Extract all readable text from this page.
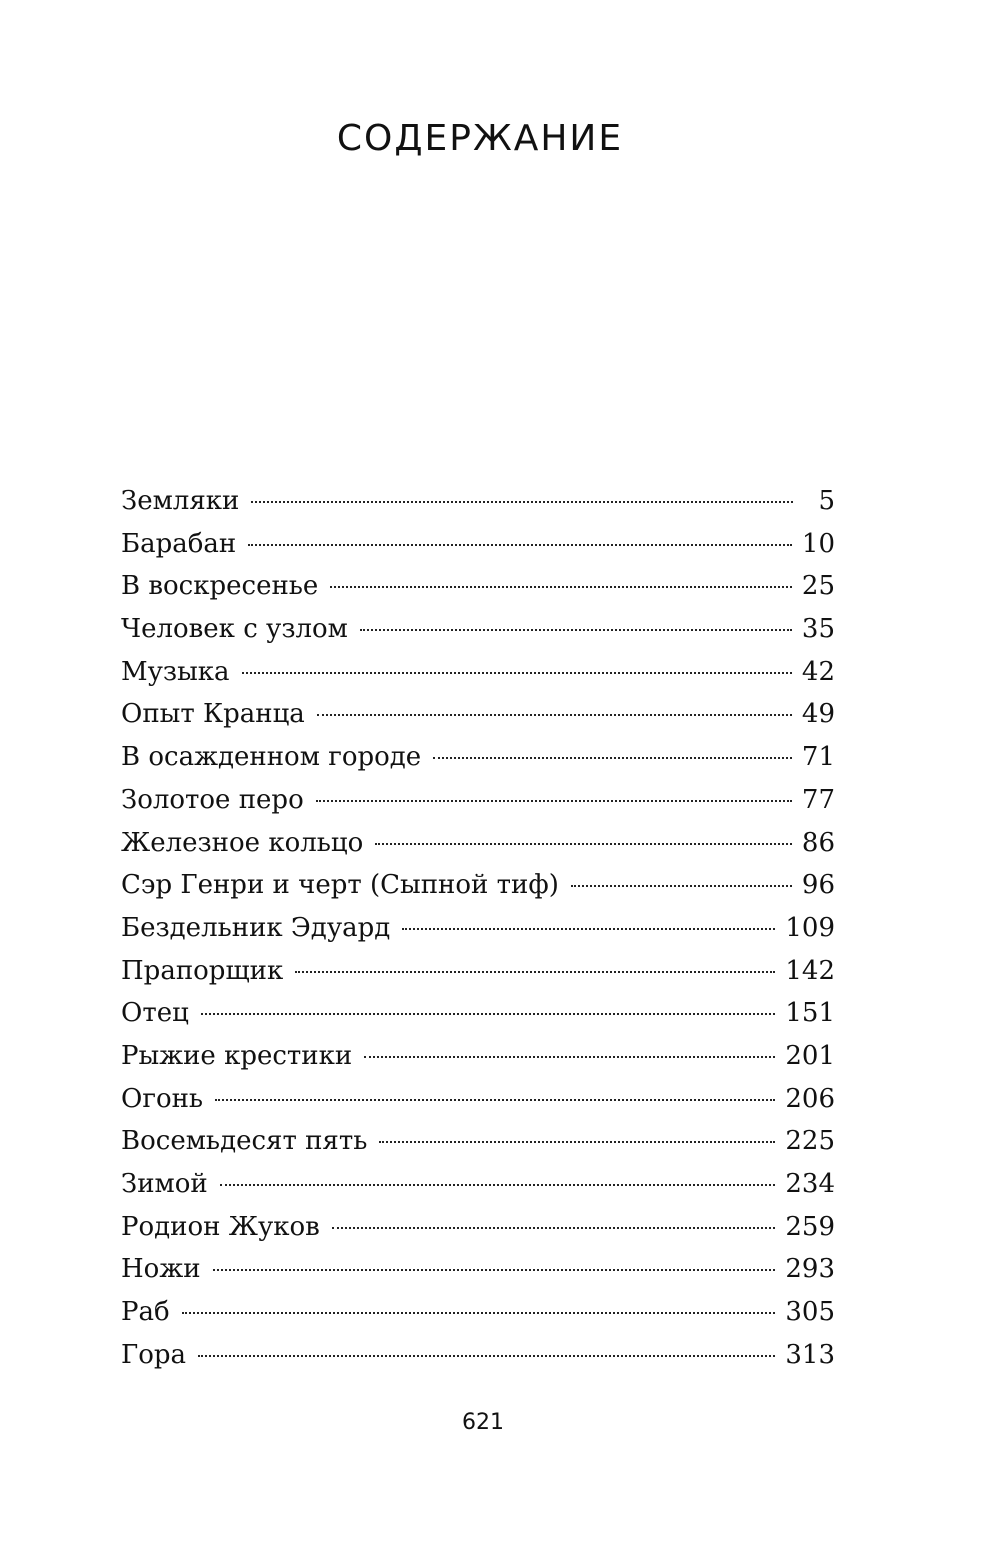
СОДЕРЖАНИЕ
Земляки	5
Барабан	10
В воскресенье	25
Человек с узлом	35
Музыка	42
Опыт Кранца	49
В осажденном городе	71
Золотое перо	77
Железное кольцо	86
Сэр Генри и черт (Сыпной тиф)	96
Бездельник Эдуард	109
Прапорщик	142
Отец	151
Рыжие крестики	201
Огонь	206
Восемьдесят пять	225
Зимой	234
Родион Жуков	259
Ножи	293
Раб	305
Гора	313
621
